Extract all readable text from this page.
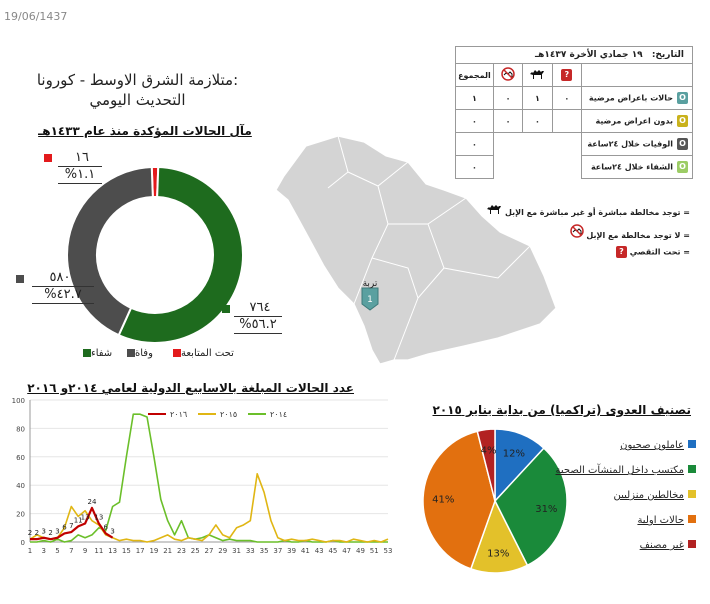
19/06/1437
متلازمة الشرق الاوسط - كورونا:
التحديث اليومي
مآل الحالات المؤكدة منذ عام ١٤٣٣هـ
١٦
%١.١
٥٨٠
%٤٢.٧
٧٦٤
%٥٦.٢
شفاء	وفاة	تحت المتابعة
1
تربة
التاريخ: ١٩ جمادي الأخرة ١٤٣٧هـ
	?			المجموع
Oحالات باعراض مرضية	٠	١	٠	١
Oبدون اعراض مرضية		٠	٠	٠
Oالوفيات خلال ٢٤ساعة				٠
Oالشفاء خلال ٢٤ساعة				٠
= توجد مخالطة مباشرة أو غير مباشرة مع الإبل
= لا توجد مخالطة مع الإبل
= تحت التقصي ?
عدد الحالات المبلغة بالاسابيع الدولية لعامي ٢٠١٤و ٢٠١٦
0
20
40
60
80
100
1 3 5 7 9 11 13 15 17 19 21 23 25 27 29 31 33 35 37 39 41 43 45 47 49 51 53
2 2 3 2 3
6 7
11
13
24
13
6
3
٢٠١٤
٢٠١٥
٢٠١٦	تصنيف العدوى (تراكميا) من بداية يناير ٢٠١٥
12%
31%
13%
41%
4%
عاملون صحيون
مكتسب داخل المنشآت الصحية
مخالطين منزليين
حالات اولية
غير مصنف
